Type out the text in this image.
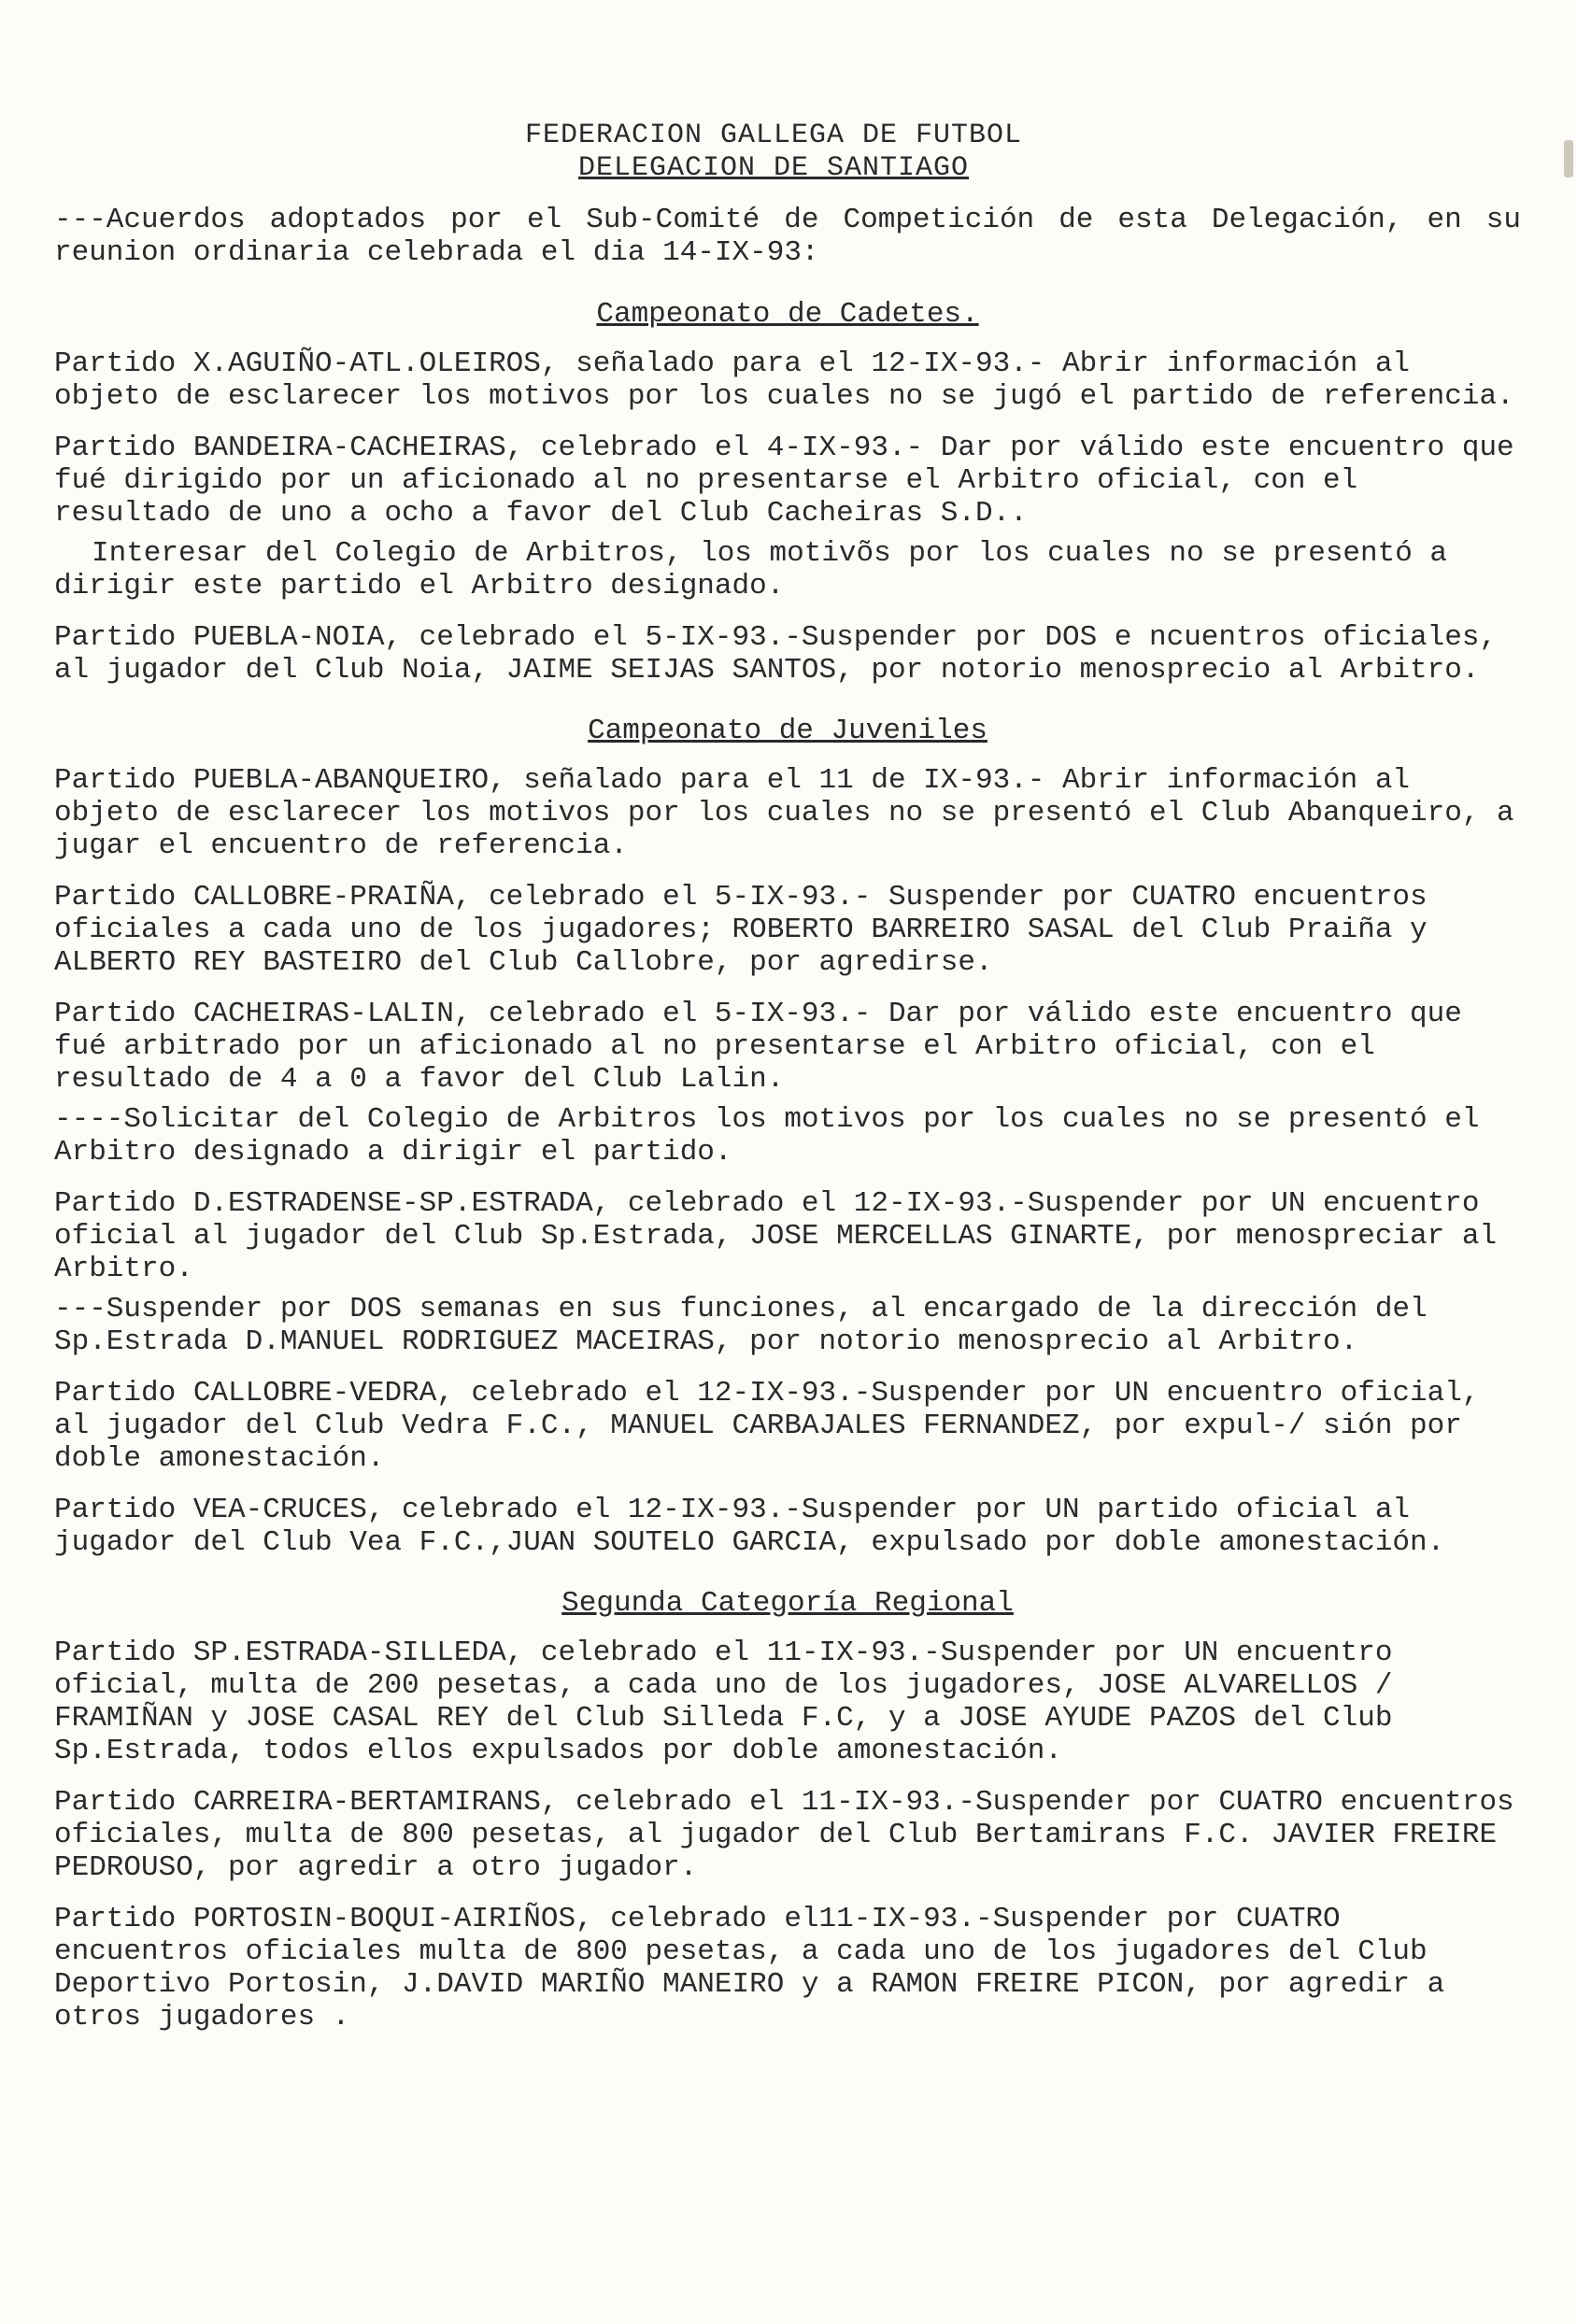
FEDERACION GALLEGA DE FUTBOL
DELEGACION DE SANTIAGO

---Acuerdos adoptados por el Sub-Comité de Competición de esta Delegación, en su reunion ordinaria celebrada el dia 14-IX-93:

Campeonato de Cadetes.

Partido X.AGUIÑO-ATL.OLEIROS, señalado para el 12-IX-93.- Abrir información al objeto de esclarecer los motivos por los cuales no se jugó el partido de referencia.

Partido BANDEIRA-CACHEIRAS, celebrado el 4-IX-93.- Dar por válido este encuentro que fué dirigido por un aficionado al no presentarse el Arbitro oficial, con el resultado de uno a ocho a favor del Club Cacheiras S.D..

Interesar del Colegio de Arbitros, los motivõs por los cuales no se presentó a dirigir este partido el Arbitro designado.

Partido PUEBLA-NOIA, celebrado el 5-IX-93.-Suspender por DOS e ncuentros oficiales, al jugador del Club Noia, JAIME SEIJAS SANTOS, por notorio menosprecio al Arbitro.

Campeonato de Juveniles

Partido PUEBLA-ABANQUEIRO, señalado para el 11 de IX-93.- Abrir información al objeto de esclarecer los motivos por los cuales no se presentó el Club Abanqueiro, a jugar el encuentro de referencia.

Partido CALLOBRE-PRAIÑA, celebrado el 5-IX-93.- Suspender por CUATRO encuentros oficiales a cada uno de los jugadores; ROBERTO BARREIRO SASAL del Club Praiña y ALBERTO REY BASTEIRO del Club Callobre, por agredirse.

Partido CACHEIRAS-LALIN, celebrado el 5-IX-93.- Dar por válido este encuentro que fué arbitrado por un aficionado al no presentarse el Arbitro oficial, con el resultado de 4 a 0 a favor del Club Lalin.

----Solicitar del Colegio de Arbitros los motivos por los cuales no se presentó el Arbitro designado a dirigir el partido.

Partido D.ESTRADENSE-SP.ESTRADA, celebrado el 12-IX-93.-Suspender por UN encuentro oficial al jugador del Club Sp.Estrada, JOSE MERCELLAS GINARTE, por menospreciar al Arbitro.

---Suspender por DOS semanas en sus funciones, al encargado de la dirección del Sp.Estrada D.MANUEL RODRIGUEZ MACEIRAS, por notorio menosprecio al Arbitro.

Partido CALLOBRE-VEDRA, celebrado el 12-IX-93.-Suspender por UN encuentro oficial, al jugador del Club Vedra F.C., MANUEL CARBAJALES FERNANDEZ, por expul-/ sión por doble amonestación.

Partido VEA-CRUCES, celebrado el 12-IX-93.-Suspender por UN partido oficial al jugador del Club Vea F.C.,JUAN SOUTELO GARCIA, expulsado por doble amonestación.

Segunda Categoría Regional

Partido SP.ESTRADA-SILLEDA, celebrado el 11-IX-93.-Suspender por UN encuentro oficial, multa de 200 pesetas, a cada uno de los jugadores, JOSE ALVARELLOS / FRAMIÑAN y JOSE CASAL REY del Club Silleda F.C, y a JOSE AYUDE PAZOS del Club Sp.Estrada, todos ellos expulsados por doble amonestación.

Partido CARREIRA-BERTAMIRANS, celebrado el 11-IX-93.-Suspender por CUATRO encuentros oficiales, multa de 800 pesetas, al jugador del Club Bertamirans F.C. JAVIER FREIRE PEDROUSO, por agredir a otro jugador.

Partido PORTOSIN-BOQUI-AIRIÑOS, celebrado el11-IX-93.-Suspender por CUATRO encuentros oficiales multa de 800 pesetas, a cada uno de los jugadores del Club Deportivo Portosin, J.DAVID MARIÑO MANEIRO y a RAMON FREIRE PICON, por agredir a otros jugadores .
